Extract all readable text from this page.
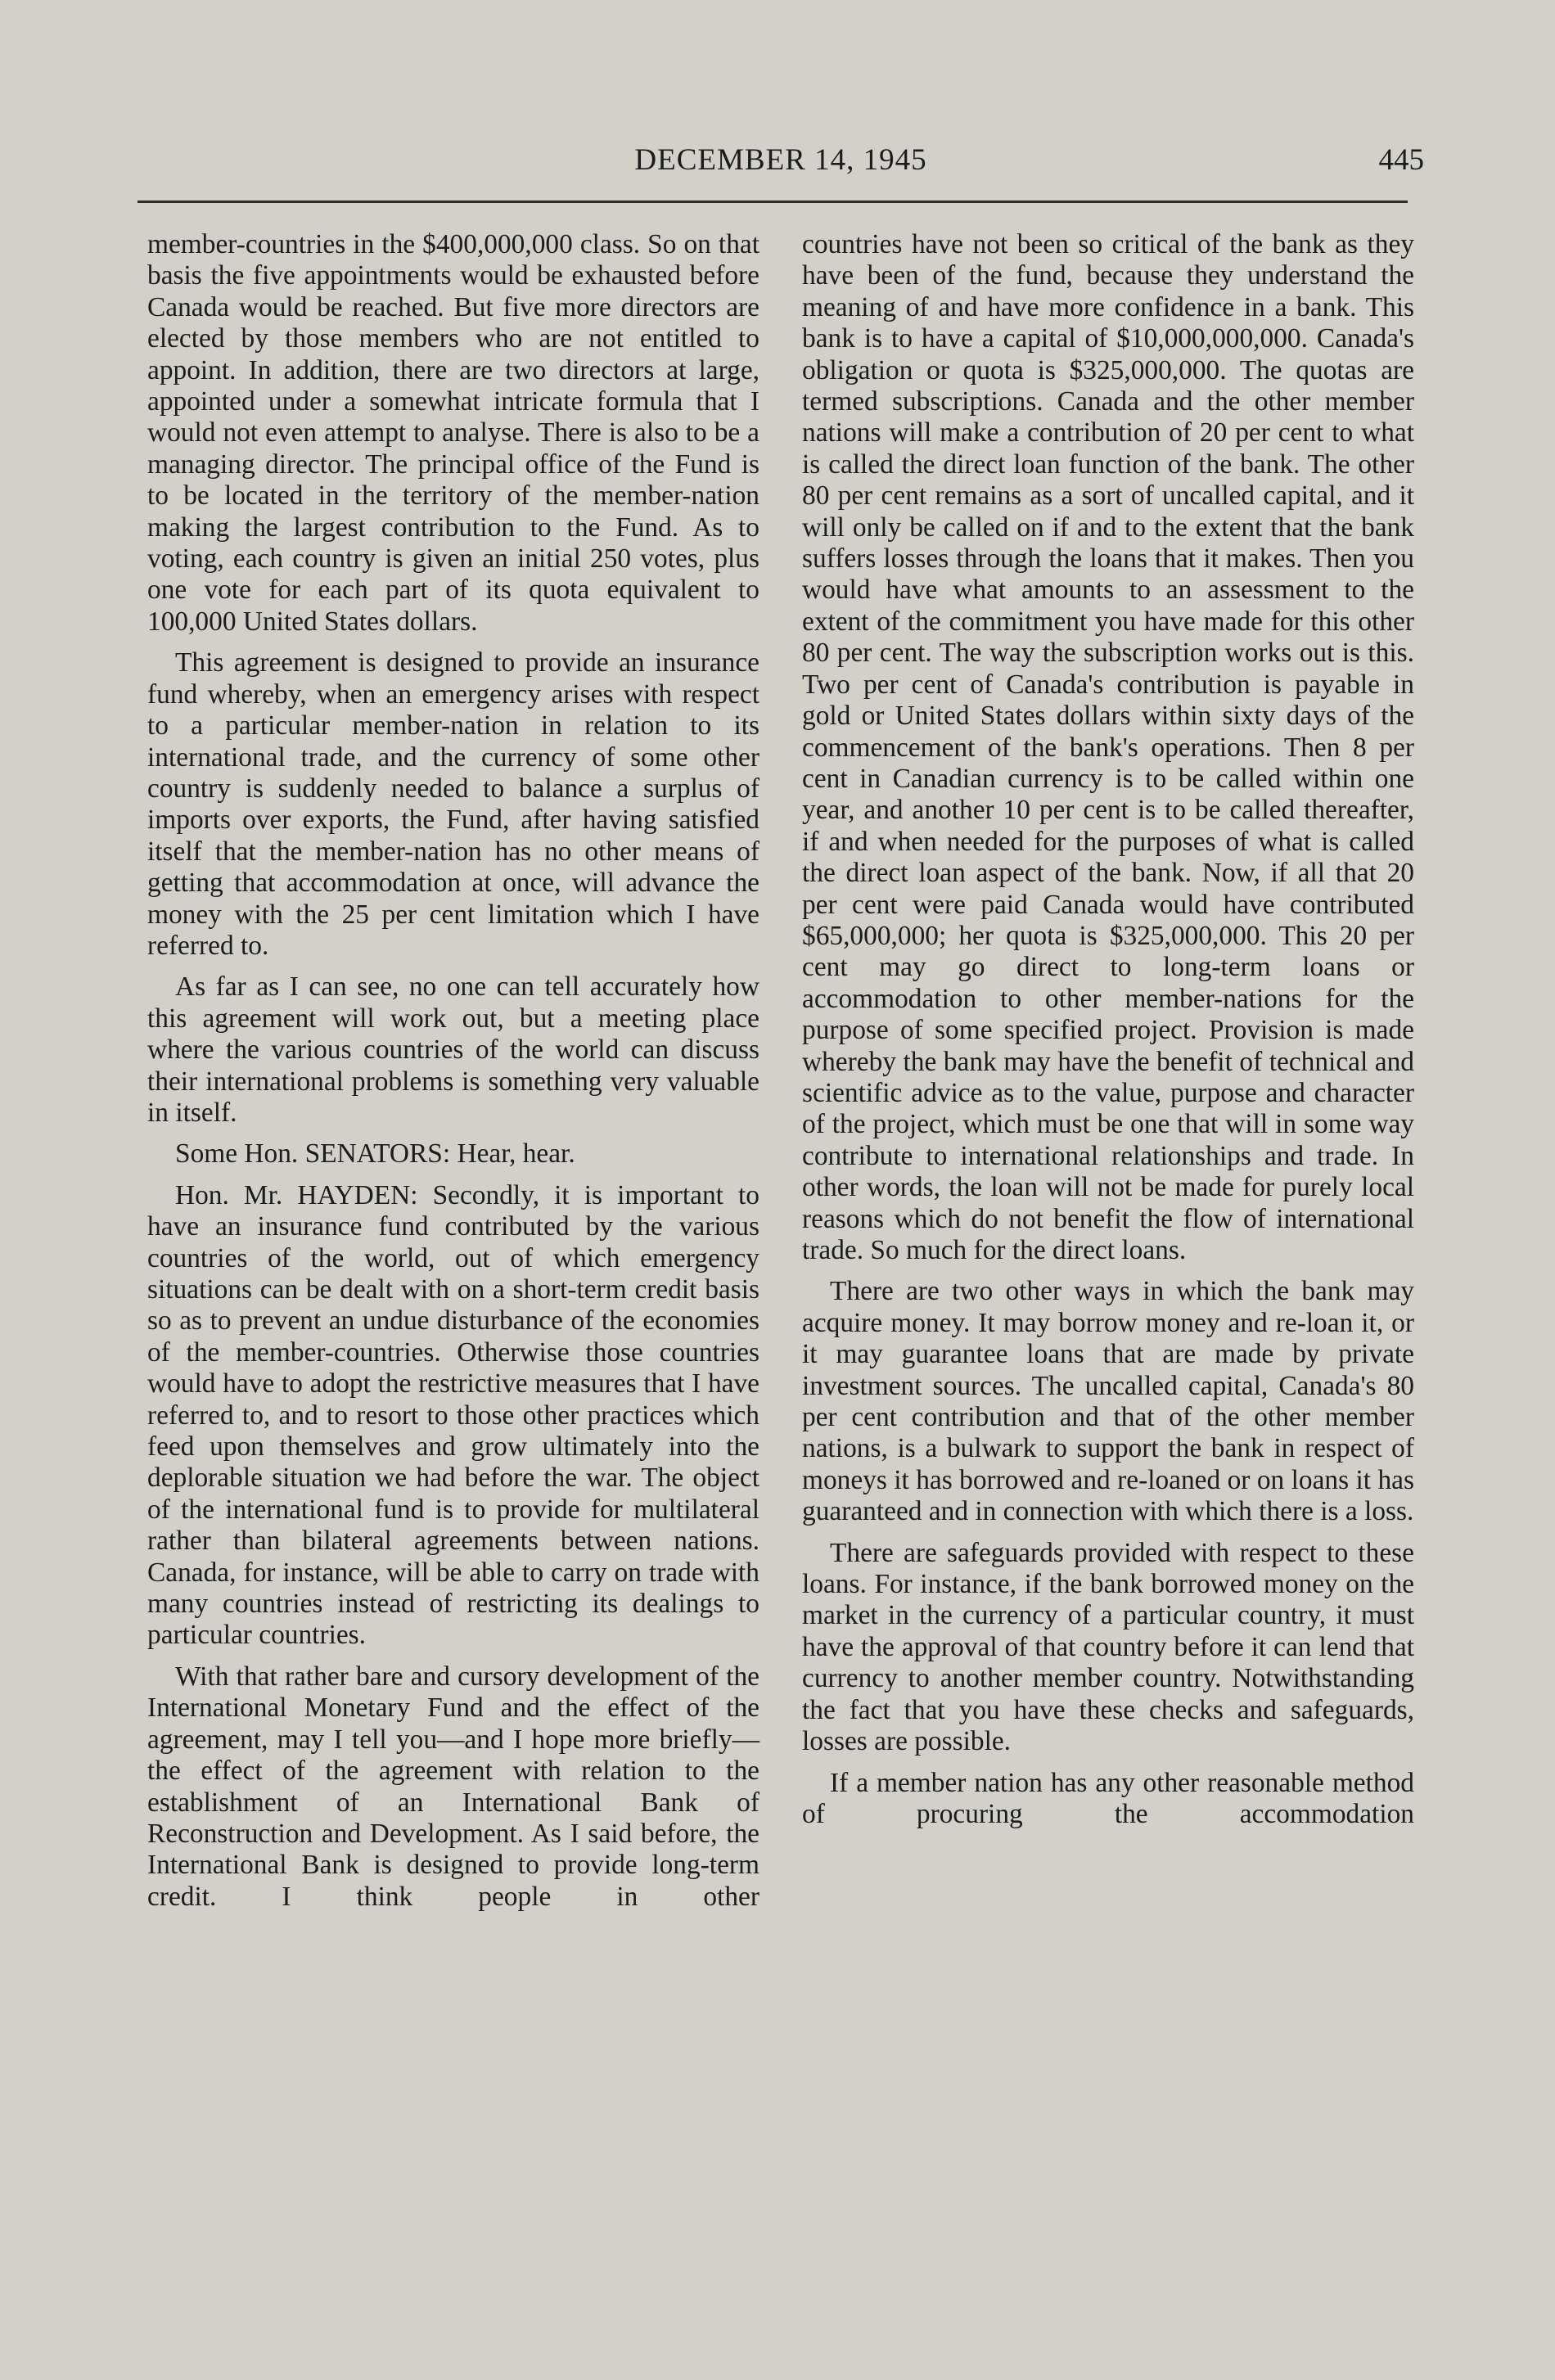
DECEMBER 14, 1945	445

member-countries in the $400,000,000 class. So on that basis the five appointments would be exhausted before Canada would be reached. But five more directors are elected by those members who are not entitled to appoint. In addition, there are two directors at large, appointed under a somewhat intricate formula that I would not even attempt to analyse. There is also to be a managing director. The principal office of the Fund is to be located in the territory of the member-nation making the largest contribution to the Fund. As to voting, each country is given an initial 250 votes, plus one vote for each part of its quota equivalent to 100,000 United States dollars.

This agreement is designed to provide an insurance fund whereby, when an emergency arises with respect to a particular member-nation in relation to its international trade, and the currency of some other country is suddenly needed to balance a surplus of imports over exports, the Fund, after having satisfied itself that the member-nation has no other means of getting that accommodation at once, will advance the money with the 25 per cent limitation which I have referred to.

As far as I can see, no one can tell accurately how this agreement will work out, but a meeting place where the various countries of the world can discuss their international problems is something very valuable in itself.

Some Hon. SENATORS: Hear, hear.

Hon. Mr. HAYDEN: Secondly, it is important to have an insurance fund contributed by the various countries of the world, out of which emergency situations can be dealt with on a short-term credit basis so as to prevent an undue disturbance of the economies of the member-countries. Otherwise those countries would have to adopt the restrictive measures that I have referred to, and to resort to those other practices which feed upon themselves and grow ultimately into the deplorable situation we had before the war. The object of the international fund is to provide for multilateral rather than bilateral agreements between nations. Canada, for instance, will be able to carry on trade with many countries instead of restricting its dealings to particular countries.

With that rather bare and cursory development of the International Monetary Fund and the effect of the agreement, may I tell you—and I hope more briefly—the effect of the agreement with relation to the establishment of an International Bank of Reconstruction and Development. As I said before, the International Bank is designed to provide long-term credit. I think people in other

countries have not been so critical of the bank as they have been of the fund, because they understand the meaning of and have more confidence in a bank. This bank is to have a capital of $10,000,000,000. Canada's obligation or quota is $325,000,000. The quotas are termed subscriptions. Canada and the other member nations will make a contribution of 20 per cent to what is called the direct loan function of the bank. The other 80 per cent remains as a sort of uncalled capital, and it will only be called on if and to the extent that the bank suffers losses through the loans that it makes. Then you would have what amounts to an assessment to the extent of the commitment you have made for this other 80 per cent. The way the subscription works out is this. Two per cent of Canada's contribution is payable in gold or United States dollars within sixty days of the commencement of the bank's operations. Then 8 per cent in Canadian currency is to be called within one year, and another 10 per cent is to be called thereafter, if and when needed for the purposes of what is called the direct loan aspect of the bank. Now, if all that 20 per cent were paid Canada would have contributed $65,000,000; her quota is $325,000,000. This 20 per cent may go direct to long-term loans or accommodation to other member-nations for the purpose of some specified project. Provision is made whereby the bank may have the benefit of technical and scientific advice as to the value, purpose and character of the project, which must be one that will in some way contribute to international relationships and trade. In other words, the loan will not be made for purely local reasons which do not benefit the flow of international trade. So much for the direct loans.

There are two other ways in which the bank may acquire money. It may borrow money and re-loan it, or it may guarantee loans that are made by private investment sources. The uncalled capital, Canada's 80 per cent contribution and that of the other member nations, is a bulwark to support the bank in respect of moneys it has borrowed and re-loaned or on loans it has guaranteed and in connection with which there is a loss.

There are safeguards provided with respect to these loans. For instance, if the bank borrowed money on the market in the currency of a particular country, it must have the approval of that country before it can lend that currency to another member country. Notwithstanding the fact that you have these checks and safeguards, losses are possible.

If a member nation has any other reasonable method of procuring the accommodation
